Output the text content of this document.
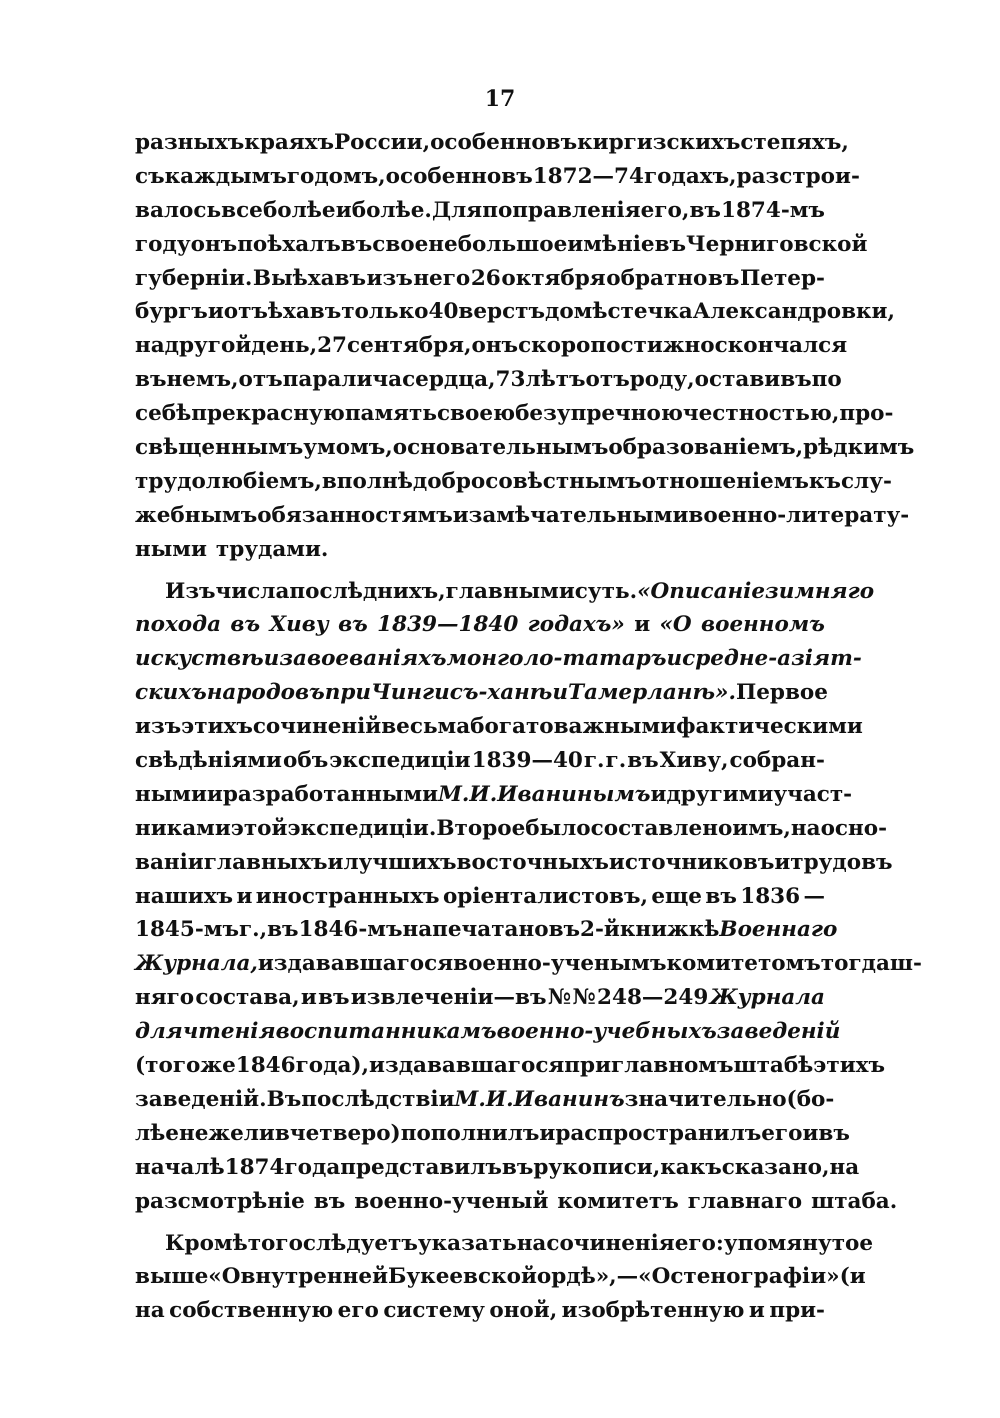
17
разныхъ краяхъ России, особенно въ киргизскихъ степяхъ,
съ каждымъ годомъ, особенно въ1872—74 годахъ, разстрои-
валось все болѣе и болѣе. Для поправленія его, въ 1874-мъ
году онъ поѣхалъ въ свое небольшое имѣніе въ Черниговской
губерніи. Выѣхавъ изъ него 26 октября обратно въ Петер-
бургъ и отъѣхавъ только 40 верстъ до мѣстечка Александровки,
на другой день, 27 сентября, онъ скоропостижно скончался
въ немъ, отъ паралича сердца, 73 лѣтъ отъ роду, оставивъ по
себѣ прекрасную память своею безупречною честностью, про-
свѣщеннымъ умомъ, основательнымъ образованіемъ, рѣдкимъ
трудолюбіемъ, вполнѣ добросовѣстнымъ отношеніемъ къ слу-
жебнымъ обязанностямъ и замѣчательными военно-литерату-
ными трудами.
Изъ числа послѣднихъ, главными суть. «Описаніе зимняго
похода въ Хиву въ 1839—1840 годахъ» и «О военномъ
искуствѣ и завоеваніяхъ монголо-татаръ и средне-азіят-
скихъ народовъ при Чингисъ-ханѣ и Тамерланѣ». Первое
изъ этихъ сочиненій весьма богато важными фактическими
свѣдѣніями объ экспедиціи 1839—40 г. г. въ Хиву, собран-
ными и разработанными М. И. Иванинымъ и другими участ-
никами этой экспедиціи. Второе было составлено имъ, на осно-
ваніи главныхъ и лучшихъ восточныхъ источниковъ и трудовъ
нашихъ и иностранныхъ оріенталистовъ, еще въ 1836 —
1845-мъ г., въ 1846-мъ напечатано въ 2-й книжкѣ Военнаго
Журнала, издававшагося военно-ученымъ комитетомъ тогдаш-
няго состава, и въ извлеченіи—въ № № 248—249 Журнала
для чтенія воспитанникамъ военно-учебныхъ заведеній
(того же 1846 года), издававшагося при главномъ штабѣ этихъ
заведеній. Въ послѣдствіи М. И. Иванинъ значительно (бо-
лѣе нежели вчетверо) пополнилъ и распространилъ его и въ
началѣ 1874 года представилъ въ рукописи, какъ сказано, на
разсмотрѣніе въ военно-ученый комитетъ главнаго штаба.
Кромѣ того слѣдуетъ указать на сочиненія его: упомянутое
выше «О внутренней Букеевской ордѣ»,—«О стенографіи» (и
на собственную его систему оной, изобрѣтенную и при-
